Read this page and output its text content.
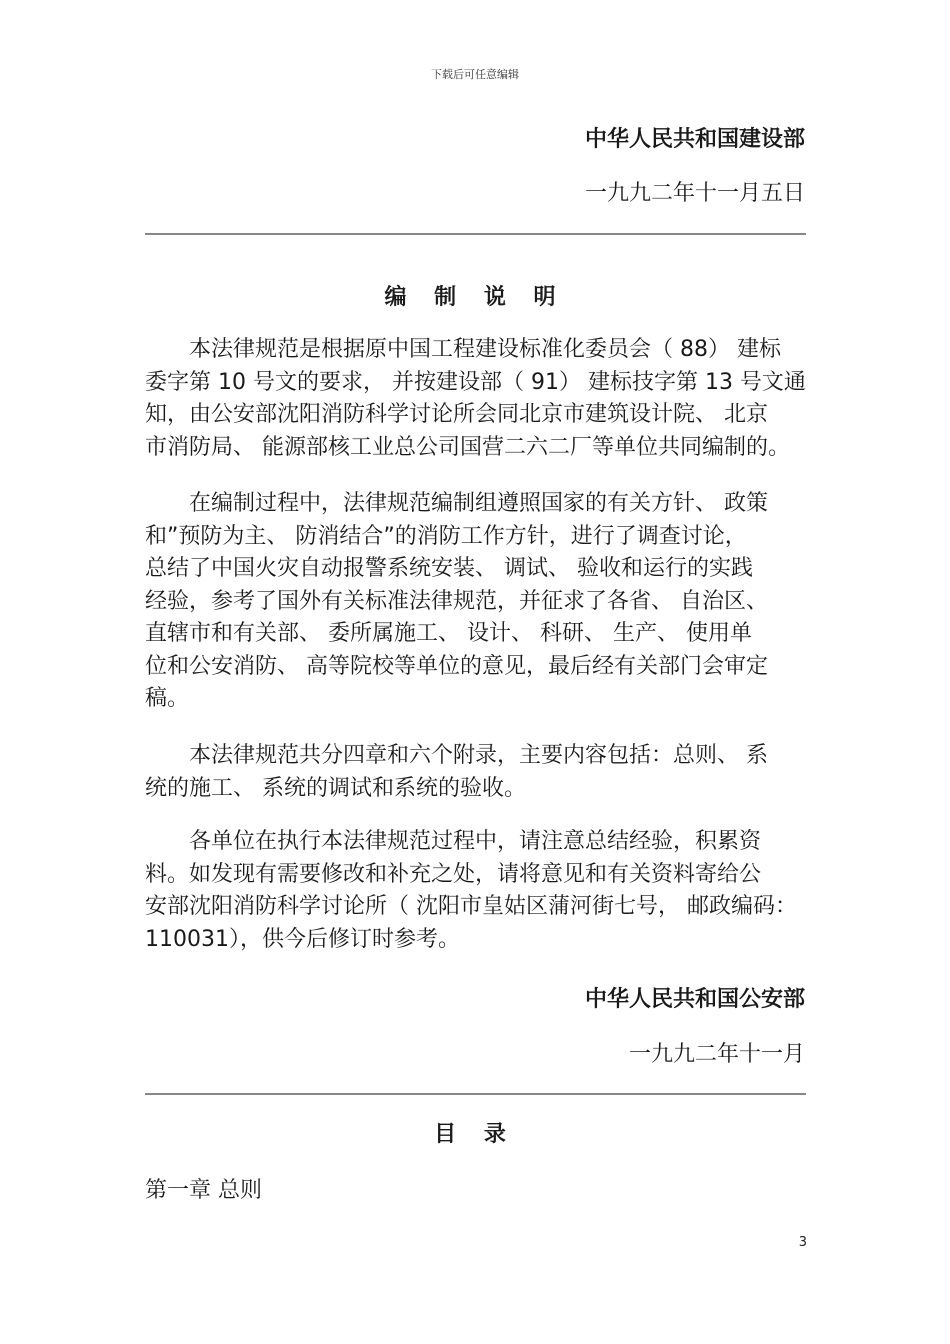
下载后可任意编辑
中华人民共和国建设部
一九九二年十一月五日
编 制 说 明
本法律规范是根据原中国工程建设标准化委员会（ 88） 建标
委字第 10 号文的要求， 并按建设部（ 91） 建标技字第 13 号文通
知，由公安部沈阳消防科学讨论所会同北京市建筑设计院、 北京
市消防局、 能源部核工业总公司国营二六二厂等单位共同编制的。
在编制过程中，法律规范编制组遵照国家的有关方针、 政策
和”预防为主、 防消结合”的消防工作方针，进行了调查讨论，
总结了中国火灾自动报警系统安装、 调试、 验收和运行的实践
经验，参考了国外有关标准法律规范，并征求了各省、 自治区、
直辖市和有关部、 委所属施工、 设计、 科研、 生产、 使用单
位和公安消防、 高等院校等单位的意见，最后经有关部门会审定
稿。
本法律规范共分四章和六个附录，主要内容包括：总则、 系
统的施工、 系统的调试和系统的验收。
各单位在执行本法律规范过程中，请注意总结经验，积累资
料。如发现有需要修改和补充之处，请将意见和有关资料寄给公
安部沈阳消防科学讨论所（ 沈阳市皇姑区蒲河街七号， 邮政编码：
110031），供今后修订时参考。
中华人民共和国公安部
一九九二年十一月
目 录
第一章 总则
3
